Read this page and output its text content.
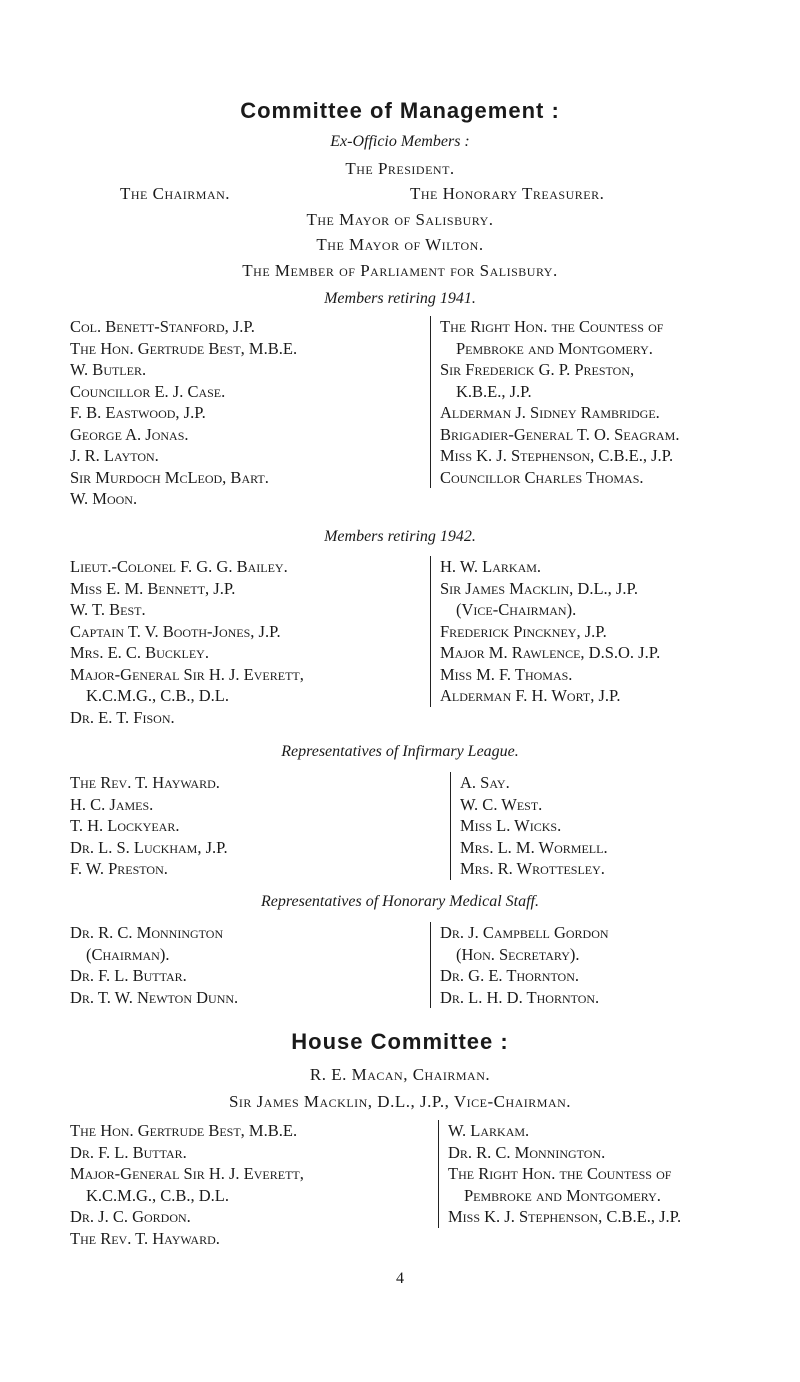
Committee of Management :
Ex-Officio Members :
The President.
The Chairman.	The Honorary Treasurer.
The Mayor of Salisbury.
The Mayor of Wilton.
The Member of Parliament for Salisbury.
Members retiring 1941.
Col. Benett-Stanford, J.P.
The Hon. Gertrude Best, M.B.E.
W. Butler.
Councillor E. J. Case.
F. B. Eastwood, J.P.
George A. Jonas.
J. R. Layton.
Sir Murdoch McLeod, Bart.
W. Moon.
The Right Hon. the Countess of
Pembroke and Montgomery.
Sir Frederick G. P. Preston,
K.B.E., J.P.
Alderman J. Sidney Rambridge.
Brigadier-General T. O. Seagram.
Miss K. J. Stephenson, C.B.E., J.P.
Councillor Charles Thomas.
Members retiring 1942.
Lieut.-Colonel F. G. G. Bailey.
Miss E. M. Bennett, J.P.
W. T. Best.
Captain T. V. Booth-Jones, J.P.
Mrs. E. C. Buckley.
Major-General Sir H. J. Everett,
K.C.M.G., C.B., D.L.
Dr. E. T. Fison.
H. W. Larkam.
Sir James Macklin, D.L., J.P.
(Vice-Chairman).
Frederick Pinckney, J.P.
Major M. Rawlence, D.S.O. J.P.
Miss M. F. Thomas.
Alderman F. H. Wort, J.P.
Representatives of Infirmary League.
The Rev. T. Hayward.
H. C. James.
T. H. Lockyear.
Dr. L. S. Luckham, J.P.
F. W. Preston.
A. Say.
W. C. West.
Miss L. Wicks.
Mrs. L. M. Wormell.
Mrs. R. Wrottesley.
Representatives of Honorary Medical Staff.
Dr. R. C. Monnington
(Chairman).
Dr. F. L. Buttar.
Dr. T. W. Newton Dunn.
Dr. J. Campbell Gordon
(Hon. Secretary).
Dr. G. E. Thornton.
Dr. L. H. D. Thornton.
House Committee :
R. E. Macan, Chairman.
Sir James Macklin, D.L., J.P., Vice-Chairman.
The Hon. Gertrude Best, M.B.E.
Dr. F. L. Buttar.
Major-General Sir H. J. Everett,
K.C.M.G., C.B., D.L.
Dr. J. C. Gordon.
The Rev. T. Hayward.
W. Larkam.
Dr. R. C. Monnington.
The Right Hon. the Countess of
Pembroke and Montgomery.
Miss K. J. Stephenson, C.B.E., J.P.
4
